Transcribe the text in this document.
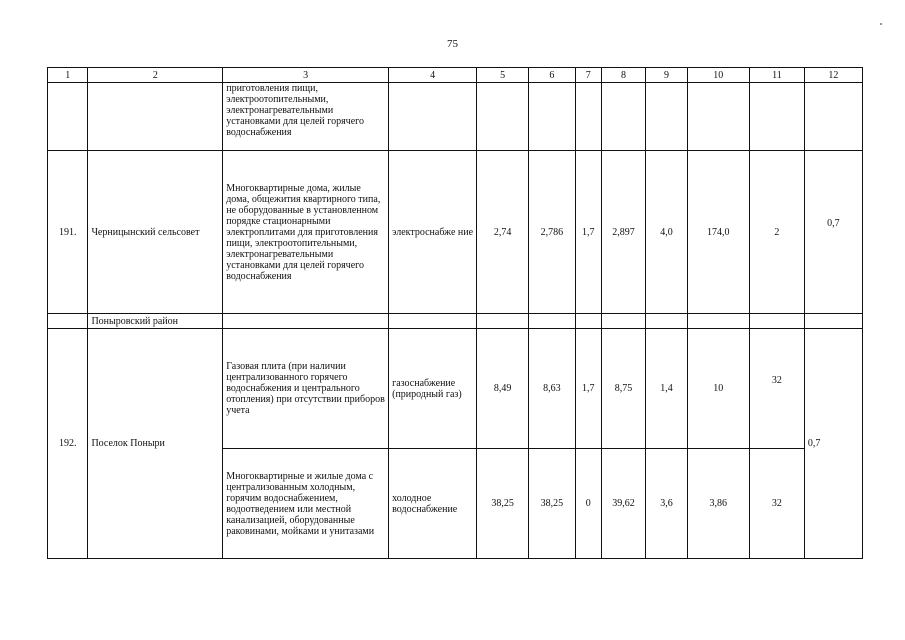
75
1	2	3	4	5	6	7	8	9	10	11	12
		приготовления пищи, электроотопительными, электронагревательными установками для целей горячего водоснабжения									
191.	Черницынский сельсовет	Многоквартирные дома, жилые дома, общежития квартирного типа, не оборудованные в установленном порядке стационарными электроплитами для приготовления пищи, электроотопительными, электронагревательными установками для целей горячего водоснабжения	электроснабже ние	2,74	2,786	1,7	2,897	4,0	174,0	2	0,7
	Поныровский район										
192.	Поселок Поныри	Газовая плита (при наличии централизованного горячего водоснабжения и центрального отопления) при отсутствии приборов учета	газоснабжение (природный газ)	8,49	8,63	1,7	8,75	1,4	10	32	0,7
		Многоквартирные и жилые дома с централизованным холодным, горячим водоснабжением, водоотведением или местной канализацией, оборудованные раковинами, мойками и унитазами	холодное водоснабжение	38,25	38,25	0	39,62	3,6	3,86	32	
